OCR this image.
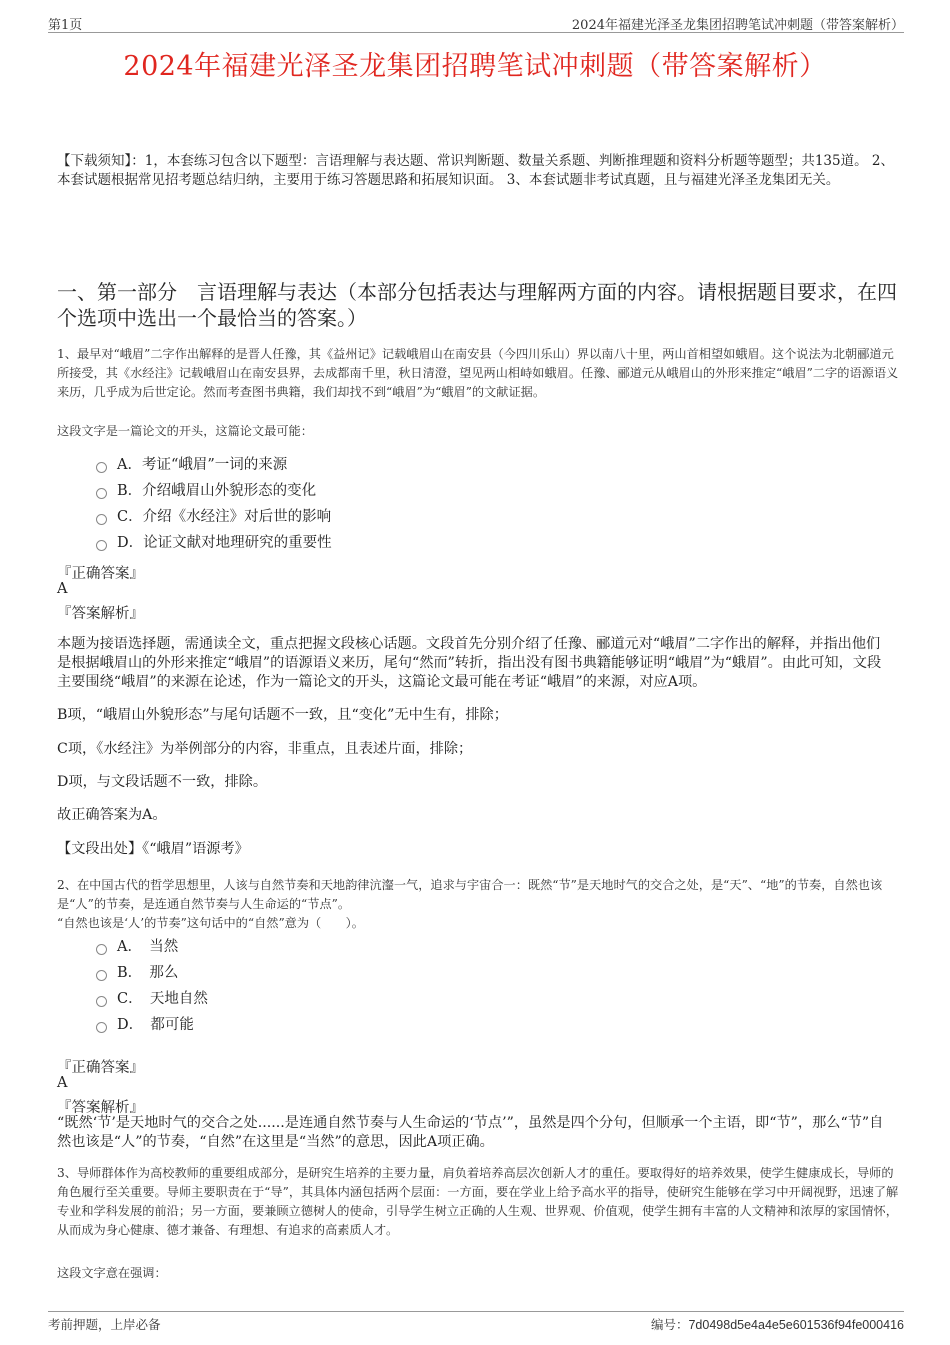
第1页	2024年福建光泽圣龙集团招聘笔试冲刺题（带答案解析）
2024年福建光泽圣龙集团招聘笔试冲刺题（带答案解析）
【下载须知】：1，本套练习包含以下题型：言语理解与表达题、常识判断题、数量关系题、判断推理题和资料分析题等题型；共135道。 2、本套试题根据常见招考题总结归纳，主要用于练习答题思路和拓展知识面。 3、本套试题非考试真题，且与福建光泽圣龙集团无关。
一、第一部分　言语理解与表达（本部分包括表达与理解两方面的内容。请根据题目要求，在四个选项中选出一个最恰当的答案。）
1、最早对“峨眉”二字作出解释的是晋人任豫，其《益州记》记载峨眉山在南安县（今四川乐山）界以南八十里，两山首相望如蛾眉。这个说法为北朝郦道元所接受，其《水经注》记载峨眉山在南安县界，去成都南千里，秋日清澄，望见两山相峙如蛾眉。任豫、郦道元从峨眉山的外形来推定“峨眉”二字的语源语义来历，几乎成为后世定论。然而考查图书典籍，我们却找不到“峨眉”为“蛾眉”的文献证据。
这段文字是一篇论文的开头，这篇论文最可能：
A．考证“峨眉”一词的来源
B．介绍峨眉山外貌形态的变化
C．介绍《水经注》对后世的影响
D．论证文献对地理研究的重要性
『正确答案』
A
『答案解析』
本题为接语选择题，需通读全文，重点把握文段核心话题。文段首先分别介绍了任豫、郦道元对“峨眉”二字作出的解释，并指出他们是根据峨眉山的外形来推定“峨眉”的语源语义来历，尾句“然而”转折，指出没有图书典籍能够证明“峨眉”为“蛾眉”。由此可知，文段主要围绕“峨眉”的来源在论述，作为一篇论文的开头，这篇论文最可能在考证“峨眉”的来源，对应A项。
B项，“峨眉山外貌形态”与尾句话题不一致，且“变化”无中生有，排除；
C项，《水经注》为举例部分的内容，非重点，且表述片面，排除；
D项，与文段话题不一致，排除。
故正确答案为A。
【文段出处】《“峨眉”语源考》
2、在中国古代的哲学思想里，人该与自然节奏和天地韵律沆瀣一气，追求与宇宙合一：既然“节”是天地时气的交合之处，是“天”、“地”的节奏，自然也该是“人”的节奏，是连通自然节奏与人生命运的“节点”。
“自然也该是‘人’的节奏”这句话中的“自然”意为（　　）。
A．　当然
B．　那么
C．　天地自然
D．　都可能
『正确答案』
A
『答案解析』
“既然‘节’是天地时气的交合之处......是连通自然节奏与人生命运的‘节点’”，虽然是四个分句，但顺承一个主语，即“节”，那么“节”自然也该是“人”的节奏，“自然”在这里是“当然”的意思，因此A项正确。
3、导师群体作为高校教师的重要组成部分，是研究生培养的主要力量，肩负着培养高层次创新人才的重任。要取得好的培养效果，使学生健康成长，导师的角色履行至关重要。导师主要职责在于“导”，其具体内涵包括两个层面：一方面，要在学业上给予高水平的指导，使研究生能够在学习中开阔视野，迅速了解专业和学科发展的前沿；另一方面，要兼顾立德树人的使命，引导学生树立正确的人生观、世界观、价值观，使学生拥有丰富的人文精神和浓厚的家国情怀，从而成为身心健康、德才兼备、有理想、有追求的高素质人才。
这段文字意在强调：
考前押题，上岸必备	编号：7d0498d5e4a4e5e601536f94fe000416
